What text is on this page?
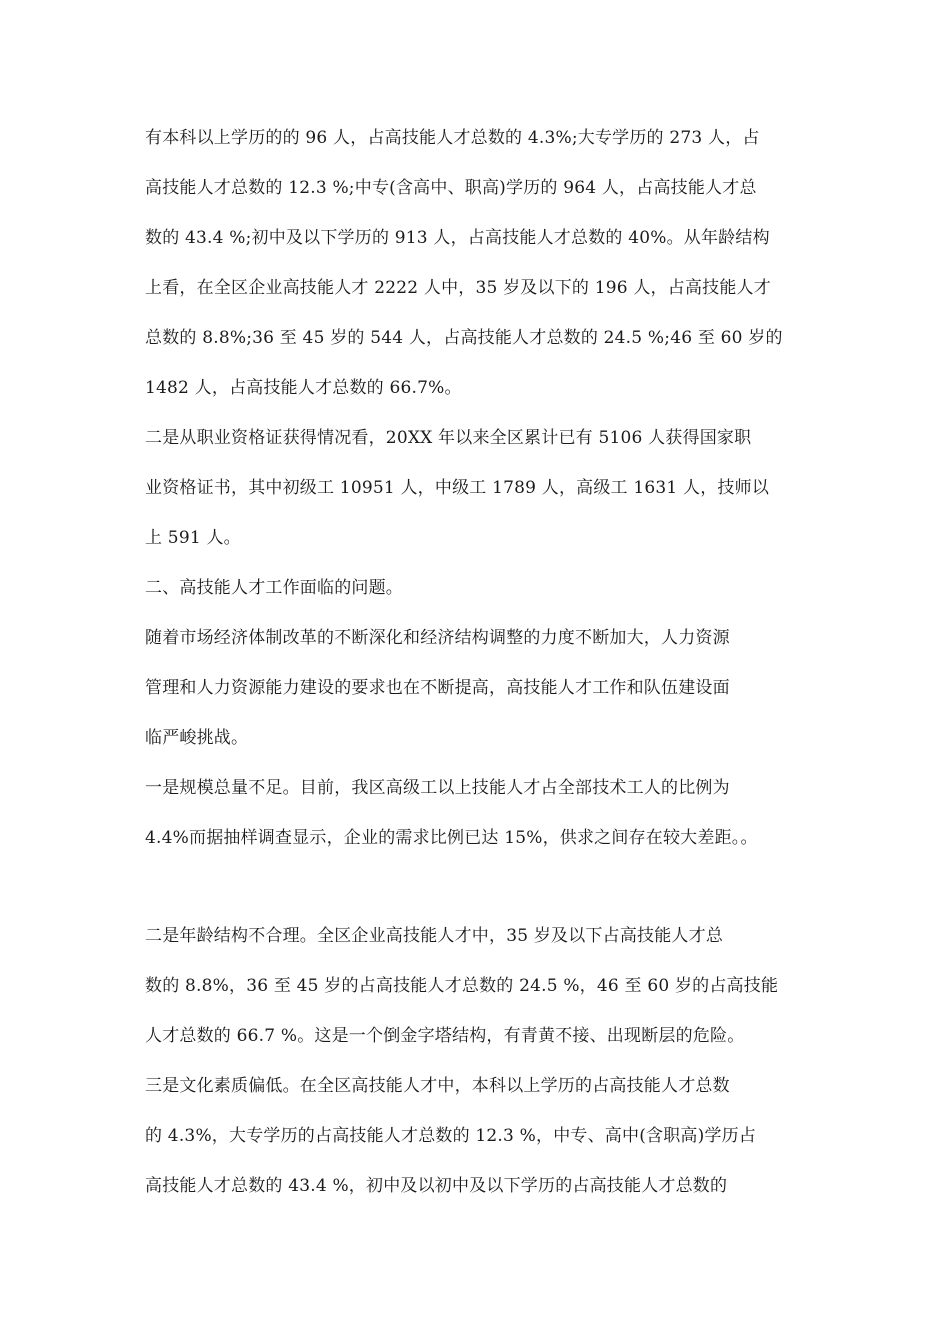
有本科以上学历的的 96 人，占高技能人才总数的 4.3%;大专学历的 273 人，占
高技能人才总数的 12.3 %;中专(含高中、职高)学历的 964 人，占高技能人才总
数的 43.4 %;初中及以下学历的 913 人，占高技能人才总数的 40%。从年龄结构
上看，在全区企业高技能人才 2222 人中，35 岁及以下的 196 人，占高技能人才
总数的 8.8%;36 至 45 岁的 544 人，占高技能人才总数的 24.5 %;46 至 60 岁的
1482 人，占高技能人才总数的 66.7%。
二是从职业资格证获得情况看，20XX 年以来全区累计已有 5106 人获得国家职
业资格证书，其中初级工 10951 人，中级工 1789 人，高级工 1631 人，技师以
上 591 人。
二、高技能人才工作面临的问题。
随着市场经济体制改革的不断深化和经济结构调整的力度不断加大，人力资源
管理和人力资源能力建设的要求也在不断提高，高技能人才工作和队伍建设面
临严峻挑战。
一是规模总量不足。目前，我区高级工以上技能人才占全部技术工人的比例为
4.4%而据抽样调查显示，企业的需求比例已达 15%，供求之间存在较大差距。。
二是年龄结构不合理。全区企业高技能人才中，35 岁及以下占高技能人才总
数的 8.8%，36 至 45 岁的占高技能人才总数的 24.5 %，46 至 60 岁的占高技能
人才总数的 66.7 %。这是一个倒金字塔结构，有青黄不接、出现断层的危险。
三是文化素质偏低。在全区高技能人才中，本科以上学历的占高技能人才总数
的 4.3%，大专学历的占高技能人才总数的 12.3 %，中专、高中(含职高)学历占
高技能人才总数的 43.4 %，初中及以初中及以下学历的占高技能人才总数的
